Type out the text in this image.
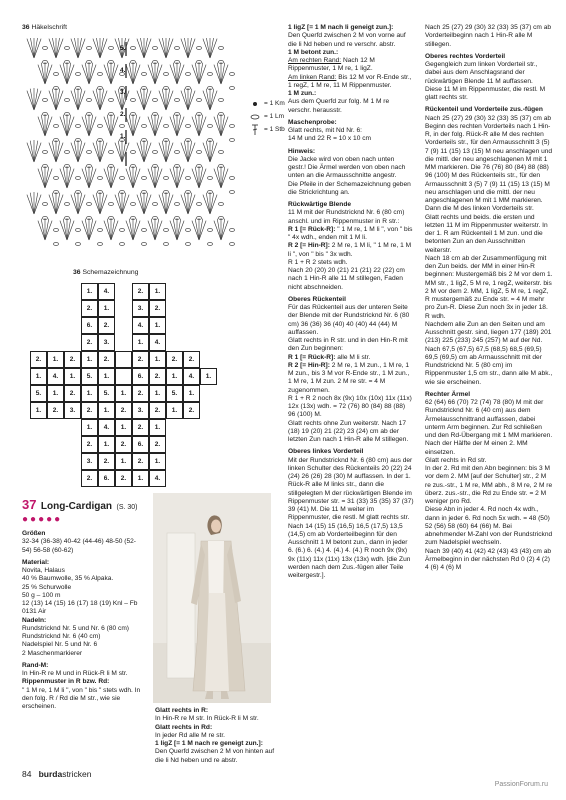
36 Häkelschrift
5.
4.
3.
2.
1.
= 1 Km
= 1 Lm
= 1 Stb
36 Schemazeichnung
1.	4.	2.	1.
2.	1.	3.	2.
6.	2.	4.	1.
2.	3.	1.	4.
2.	1.	2.	1.	2.	2.	1.	2.	2.
1.	4.	1.	5.	1.	6.	2.	1.	4.	1.
5.	1.	2.	1.	5.	1.	2.	1.	5.	1.
1.	2.	3.	2.	1.	2.	3.	2.	1.	2.
1.	4.	1.	2.	1.
2.	1.	2.	6.	2.
3.	2.	1.	2.	1.
2.	6.	2.	1.	4.
37 Long-Cardigan (S. 30)
●●●●●

Größen
32-34 (36-38) 40-42 (44-46) 48-50 (52-54) 56-58 (60-62)

Material:
Novita, Halaus
40 % Baumwolle, 35 % Alpaka.
25 % Schurwolle
50 g – 100 m
12 (13) 14 (15) 16 (17) 18 (19) Knl – Fb 0131 Air
Nadeln:
Rundstricknd Nr. 5 und Nr. 6 (80 cm)
Rundstricknd Nr. 6 (40 cm)
Nadelspiel Nr. 5 und Nr. 6
2 Maschenmarkierer

Rand-M:
In Hin-R re M und in Rück-R li M str.
Rippenmuster in R bzw. Rd:
" 1 M re, 1 M li ", von " bis " stets wdh. In den folg. R / Rd die M str., wie sie erscheinen.

Glatt rechts in R:
In Hin-R re M str. In Rück-R li M str.
Glatt rechts in Rd:
In jeder Rd alle M re str.
1 ligZ [= 1 M nach re geneigt zun.]:
Den Querfd zwischen 2 M von hinten auf die li Nd heben und re abstr.

1 ligZ [= 1 M nach li geneigt zun.]:
Den Querfd zwischen 2 M von vorne auf die li Nd heben und re verschr. abstr.
1 M betont zun.:
Am rechten Rand: Nach 12 M Rippenmuster, 1 M re, 1 ligZ.
Am linken Rand: Bis 12 M vor R-Ende str., 1 regZ, 1 M re, 11 M Rippenmuster.
1 M zun.:
Aus dem Querfd zur folg. M 1 M re verschr. herausstr.

Maschenprobe:
Glatt rechts, mit Nd Nr. 6:
14 M und 22 R = 10 x 10 cm

Hinweis:
Die Jacke wird von oben nach unten gestr.! Die Ärmel werden von oben nach unten an die Armausschnitte angestr.
Die Pfeile in der Schemazeichnung geben die Strickrichtung an.

Rückwärtige Blende
11 M mit der Rundstricknd Nr. 6 (80 cm) anschl. und im Rippenmuster in R str.:
R 1 [= Rück-R]: " 1 M re, 1 M li ", von " bis " 4x wdh., enden mit 1 M li.
R 2 [= Hin-R]: 2 M re, 1 M li, " 1 M re, 1 M li ", von " bis " 3x wdh.
R 1 + R 2 stets wdh.
Nach 20 (20) 20 (21) 21 (21) 22 (22) cm nach 1 Hin-R alle 11 M stillegen, Faden nicht abschneiden.

Oberes Rückenteil
Für das Rückenteil aus der unteren Seite der Blende mit der Rundstricknd Nr. 6 (80 cm) 36 (36) 36 (40) 40 (40) 44 (44) M auffassen.
Glatt rechts in R str. und in den Hin-R mit den Zun beginnen:
R 1 [= Rück-R]: alle M li str.
R 2 [= Hin-R]: 2 M re, 1 M zun., 1 M re, 1 M zun., bis 3 M vor R-Ende str., 1 M zun., 1 M re, 1 M zun. 2 M re str. = 4 M zugenommen.
R 1 + R 2 noch 8x (9x) 10x (10x) 11x (11x) 12x (13x) wdh. = 72 (76) 80 (84) 88 (88) 96 (100) M.
Glatt rechts ohne Zun weiterstr. Nach 17 (18) 19 (20) 21 (22) 23 (24) cm ab der letzten Zun nach 1 Hin-R alle M stillegen.

Oberes linkes Vorderteil
Mit der Rundstricknd Nr. 6 (80 cm) aus der linken Schulter des Rückenteils 20 (22) 24 (24) 26 (26) 28 (30) M auffassen. In der 1. Rück-R alle M links str., dann die stillgelegten M der rückwärtigen Blende im Rippenmuster str. = 31 (33) 35 (35) 37 (37) 39 (41) M. Die 11 M weiter im Rippenmuster, die restl. M glatt rechts str. Nach 14 (15) 15 (16,5) 16,5 (17,5) 13,5 (14,5) cm ab Vorderteilbeginn für den Ausschnitt 1 M betont zun., dann in jeder 6. (6.) 6. (4.) 4. (4.) 4. (4.) R noch 9x (9x) 9x (11x) 11x (11x) 13x (13x) wdh. [die Zun werden nach dem Zus.-fügen aller Teile weitergestr.].

Nach 25 (27) 29 (30) 32 (33) 35 (37) cm ab Vorderteilbeginn nach 1 Hin-R alle M stillegen.

Oberes rechtes Vorderteil
Gegengleich zum linken Vorderteil str., dabei aus dem Anschlagsrand der rückwärtigen Blende 11 M auffassen.
Diese 11 M im Rippenmuster, die restl. M glatt rechts str.

Rückenteil und Vorderteile zus.-fügen
Nach 25 (27) 29 (30) 32 (33) 35 (37) cm ab Beginn des rechten Vorderteils nach 1 Hin-R, in der folg. Rück-R alle M des rechten Vorderteils str., für den Armausschnitt 3 (5) 7 (9) 11 (15) 13 (15) M neu anschlagen und die mittl. der neu angeschlagenen M mit 1 MM markieren. Die 76 (76) 80 (84) 88 (88) 96 (100) M des Rückenteils str., für den Armausschnitt 3 (5) 7 (9) 11 (15) 13 (15) M neu anschlagen und die mittl. der neu angeschlagenen M mit 1 MM markieren. Dann die M des linken Vorderteils str.
Glatt rechts und beids. die ersten und letzten 11 M im Rippenmuster weiterstr. In der 1. R am Rückenteil 1 M zun. und die betonten Zun an den Ausschnitten weiterstr.
Nach 18 cm ab der Zusammenfügung mit den Zun beids. der MM in einer Hin-R beginnen: Mustergemäß bis 2 M vor dem 1. MM str., 1 ligZ, 5 M re, 1 regZ, weiterstr. bis 2 M vor dem 2. MM, 1 ligZ, 5 M re, 1 regZ, R mustergemäß zu Ende str. = 4 M mehr pro Zun-R. Diese Zun noch 3x in jeder 18. R wdh.
Nachdem alle Zun an den Seiten und am Ausschnitt gestr. sind, liegen 177 (189) 201 (213) 225 (233) 245 (257) M auf der Nd.
Nach 67,5 (67,5) 67,5 (68,5) 68,5 (69,5) 69,5 (69,5) cm ab Armausschnitt mit der Rundstricknd Nr. 5 (80 cm) im Rippenmuster 1,5 cm str., dann alle M abk., wie sie erscheinen.

Rechter Ärmel
62 (64) 66 (70) 72 (74) 78 (80) M mit der Rundstricknd Nr. 6 (40 cm) aus dem Ärmelausschnittrand auffassen, dabei unterm Arm beginnen. Zur Rd schließen und den Rd-Übergang mit 1 MM markieren. Nach der Hälfte der M einen 2. MM einsetzen.
Glatt rechts in Rd str.
In der 2. Rd mit den Abn beginnen: bis 3 M vor dem 2. MM [auf der Schulter] str., 2 M re zus.-str., 1 M re, MM abh., 8 M re, 2 M re überz. zus.-str., die Rd zu Ende str. = 2 M weniger pro Rd.
Diese Abn in jeder 4. Rd noch 4x wdh., dann in jeder 6. Rd noch 5x wdh. = 48 (50) 52 (56) 58 (60) 64 (66) M. Bei abnehmender M-Zahl von der Rundstricknd zum Nadelspiel wechseln.
Nach 39 (40) 41 (42) 42 (43) 43 (43) cm ab Ärmelbeginn in der nächsten Rd 0 (2) 4 (2) 4 (6) 4 (6) M

84 burdastricken
PassionForum.ru
